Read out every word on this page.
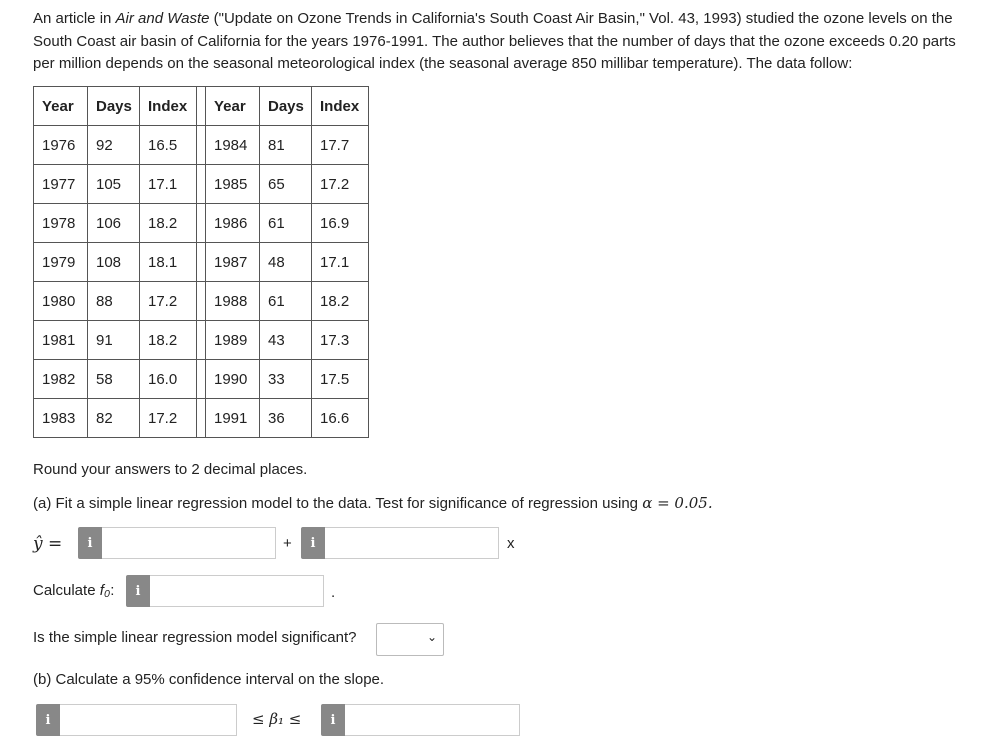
An article in Air and Waste ("Update on Ozone Trends in California's South Coast Air Basin," Vol. 43, 1993) studied the ozone levels on the South Coast air basin of California for the years 1976-1991. The author believes that the number of days that the ozone exceeds 0.20 parts per million depends on the seasonal meteorological index (the seasonal average 850 millibar temperature). The data follow:

Year	Days	Index		Year	Days	Index
1976	92	16.5		1984	81	17.7
1977	105	17.1		1985	65	17.2
1978	106	18.2		1986	61	16.9
1979	108	18.1		1987	48	17.1
1980	88	17.2		1988	61	18.2
1981	91	18.2		1989	43	17.3
1982	58	16.0		1990	33	17.5
1983	82	17.2		1991	36	16.6
Round your answers to 2 decimal places.
(a) Fit a simple linear regression model to the data. Test for significance of regression using α = 0.05.
ŷ =	i	+	i	x
Calculate f₀:	i	.
Is the simple linear regression model significant?	⌄
(b) Calculate a 95% confidence interval on the slope.
i	≤ β₁ ≤	i
